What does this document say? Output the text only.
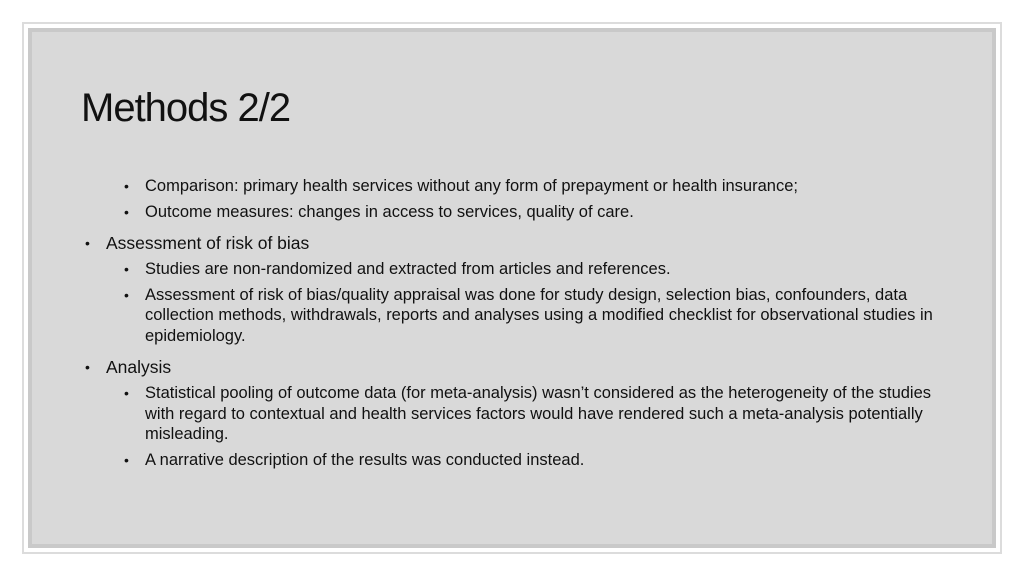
Methods 2/2
• Comparison: primary health services without any form of prepayment or health insurance;
• Outcome measures: changes in access to services, quality of care.
• Assessment of risk of bias
• Studies are non-randomized and extracted from articles and references.
• Assessment of risk of bias/quality appraisal was done for study design, selection bias, confounders, data collection methods, withdrawals, reports and analyses using a modified checklist for observational studies in epidemiology.
• Analysis
• Statistical pooling of outcome data (for meta-analysis) wasn’t considered as the heterogeneity of the studies with regard to contextual and health services factors would have rendered such a meta-analysis potentially misleading.
• A narrative description of the results was conducted instead.
